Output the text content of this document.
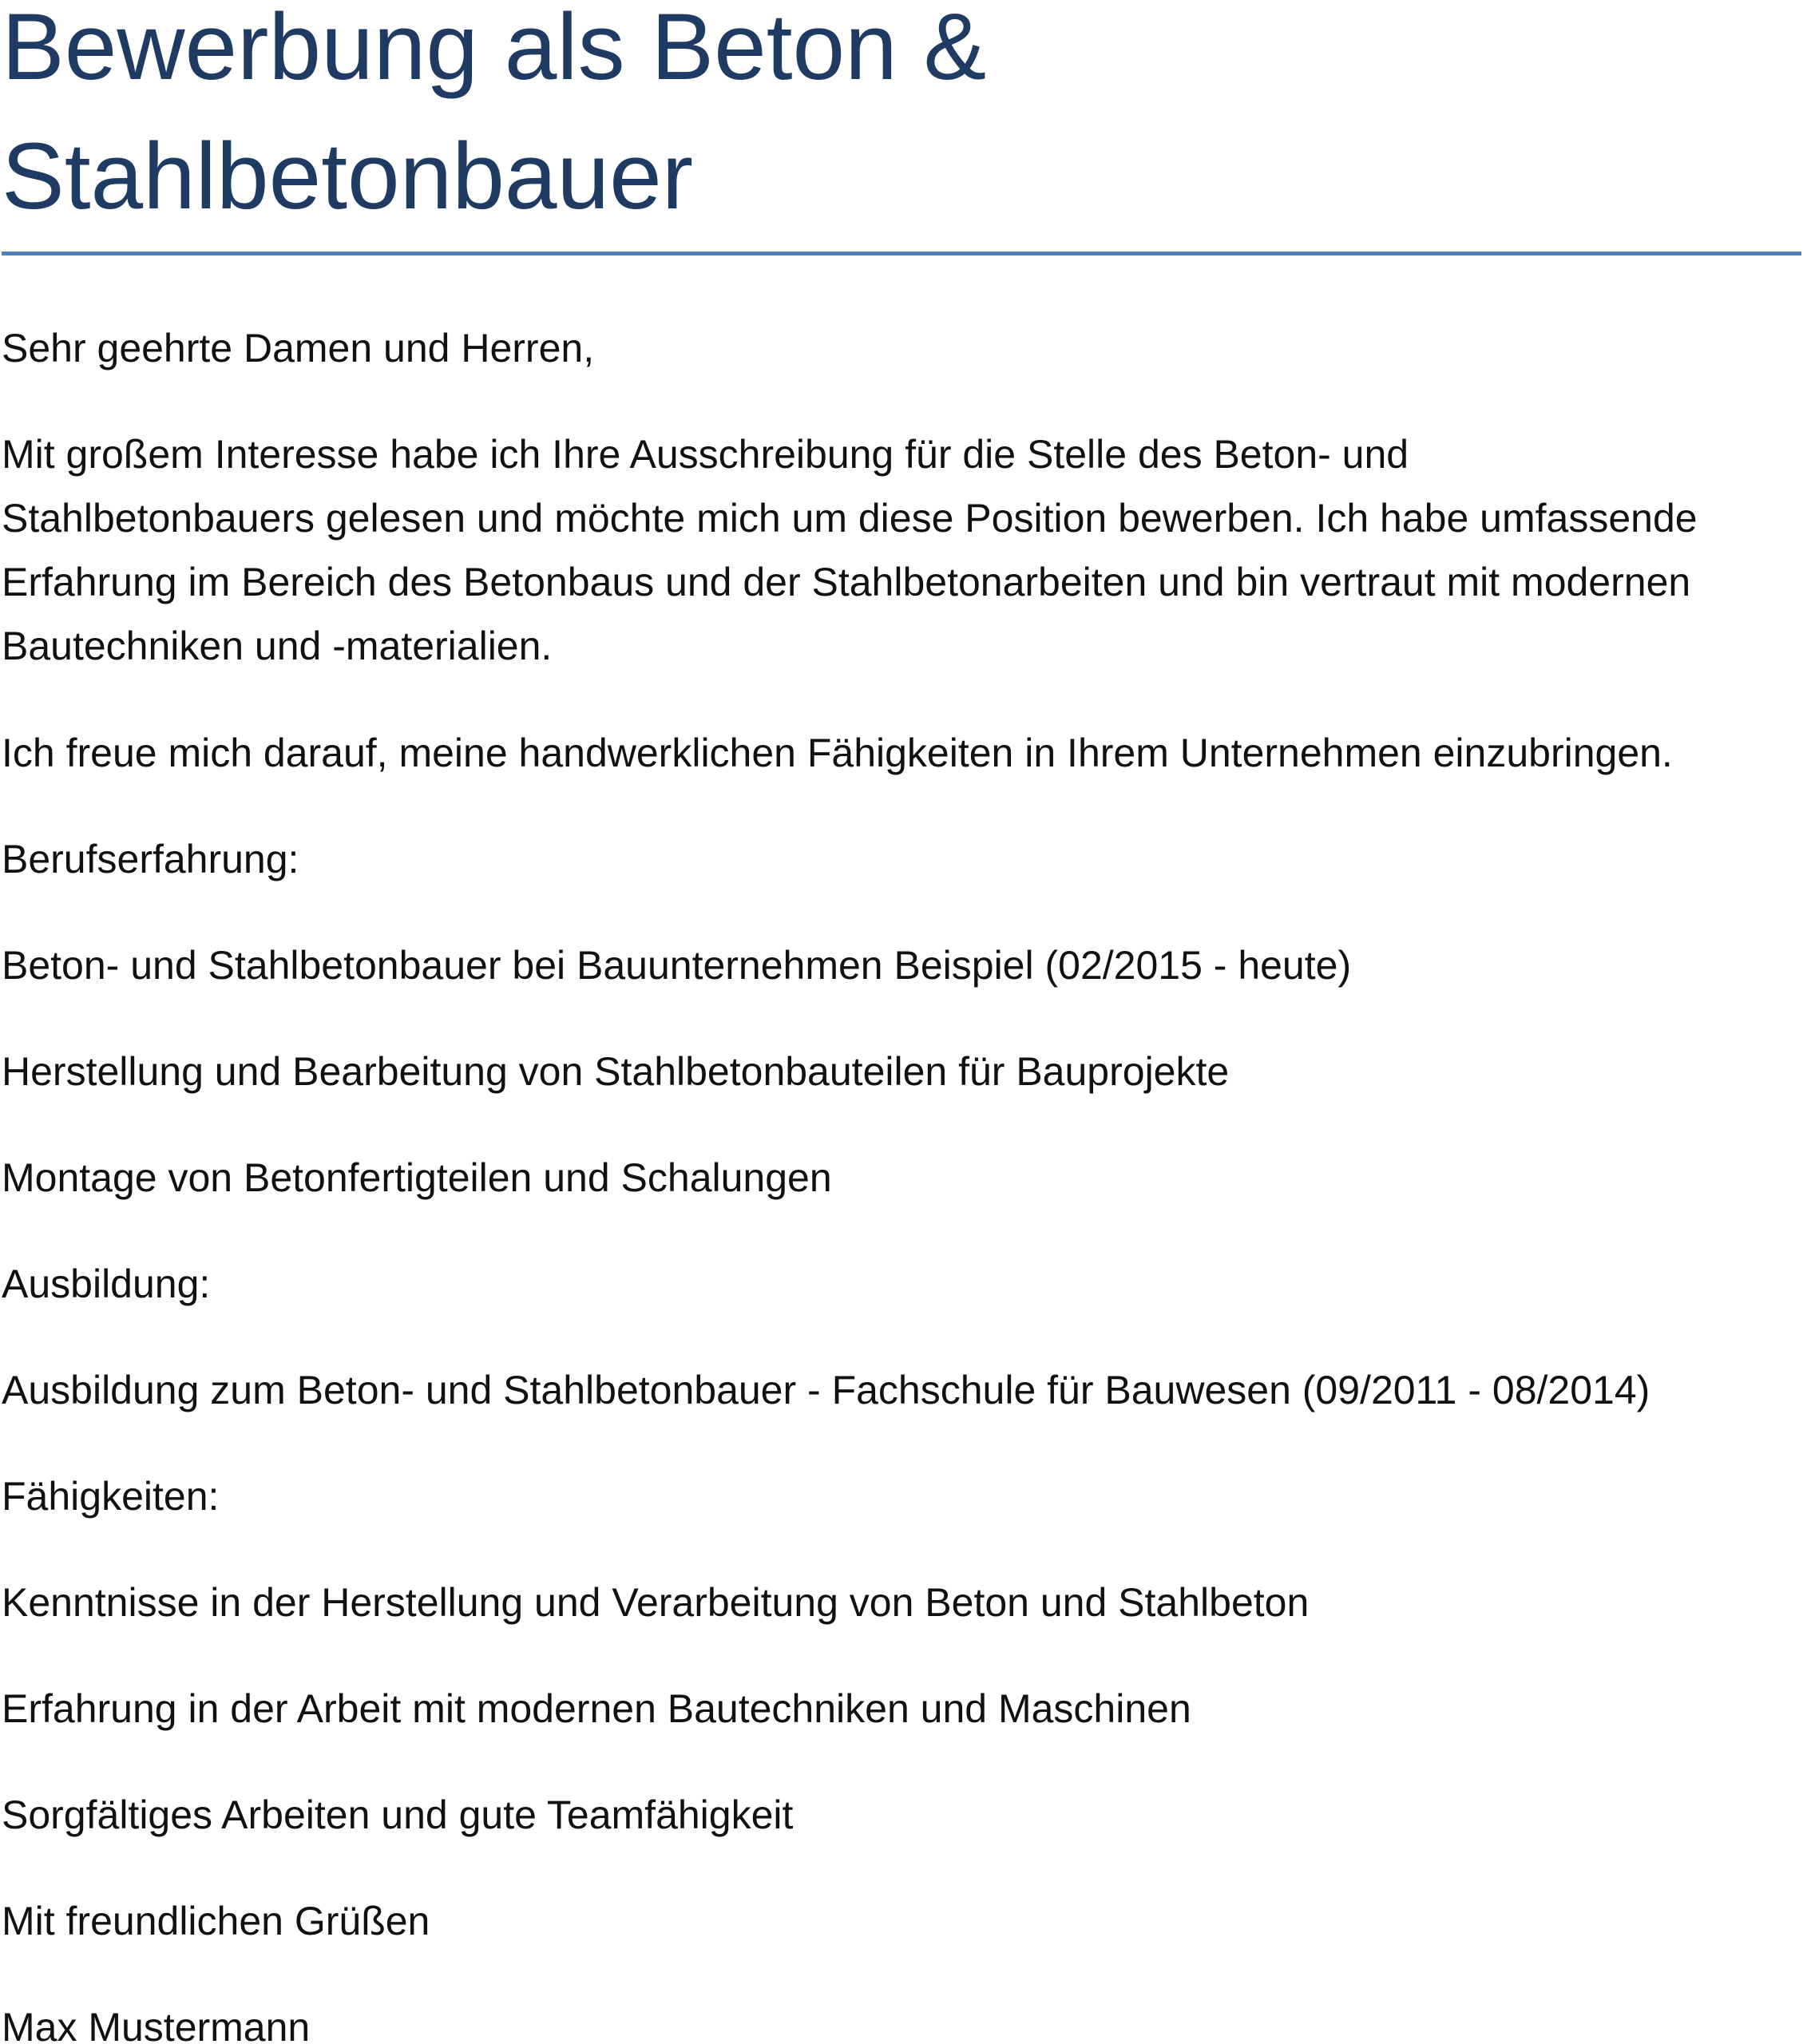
Bewerbung als Beton &

Stahlbetonbauer

Sehr geehrte Damen und Herren,

Mit großem Interesse habe ich Ihre Ausschreibung für die Stelle des Beton- und
Stahlbetonbauers gelesen und möchte mich um diese Position bewerben. Ich habe umfassende
Erfahrung im Bereich des Betonbaus und der Stahlbetonarbeiten und bin vertraut mit modernen
Bautechniken und -materialien.

Ich freue mich darauf, meine handwerklichen Fähigkeiten in Ihrem Unternehmen einzubringen.

Berufserfahrung:

Beton- und Stahlbetonbauer bei Bauunternehmen Beispiel (02/2015 - heute)

Herstellung und Bearbeitung von Stahlbetonbauteilen für Bauprojekte

Montage von Betonfertigteilen und Schalungen

Ausbildung:

Ausbildung zum Beton- und Stahlbetonbauer - Fachschule für Bauwesen (09/2011 - 08/2014)

Fähigkeiten:

Kenntnisse in der Herstellung und Verarbeitung von Beton und Stahlbeton

Erfahrung in der Arbeit mit modernen Bautechniken und Maschinen

Sorgfältiges Arbeiten und gute Teamfähigkeit

Mit freundlichen Grüßen

Max Mustermann
